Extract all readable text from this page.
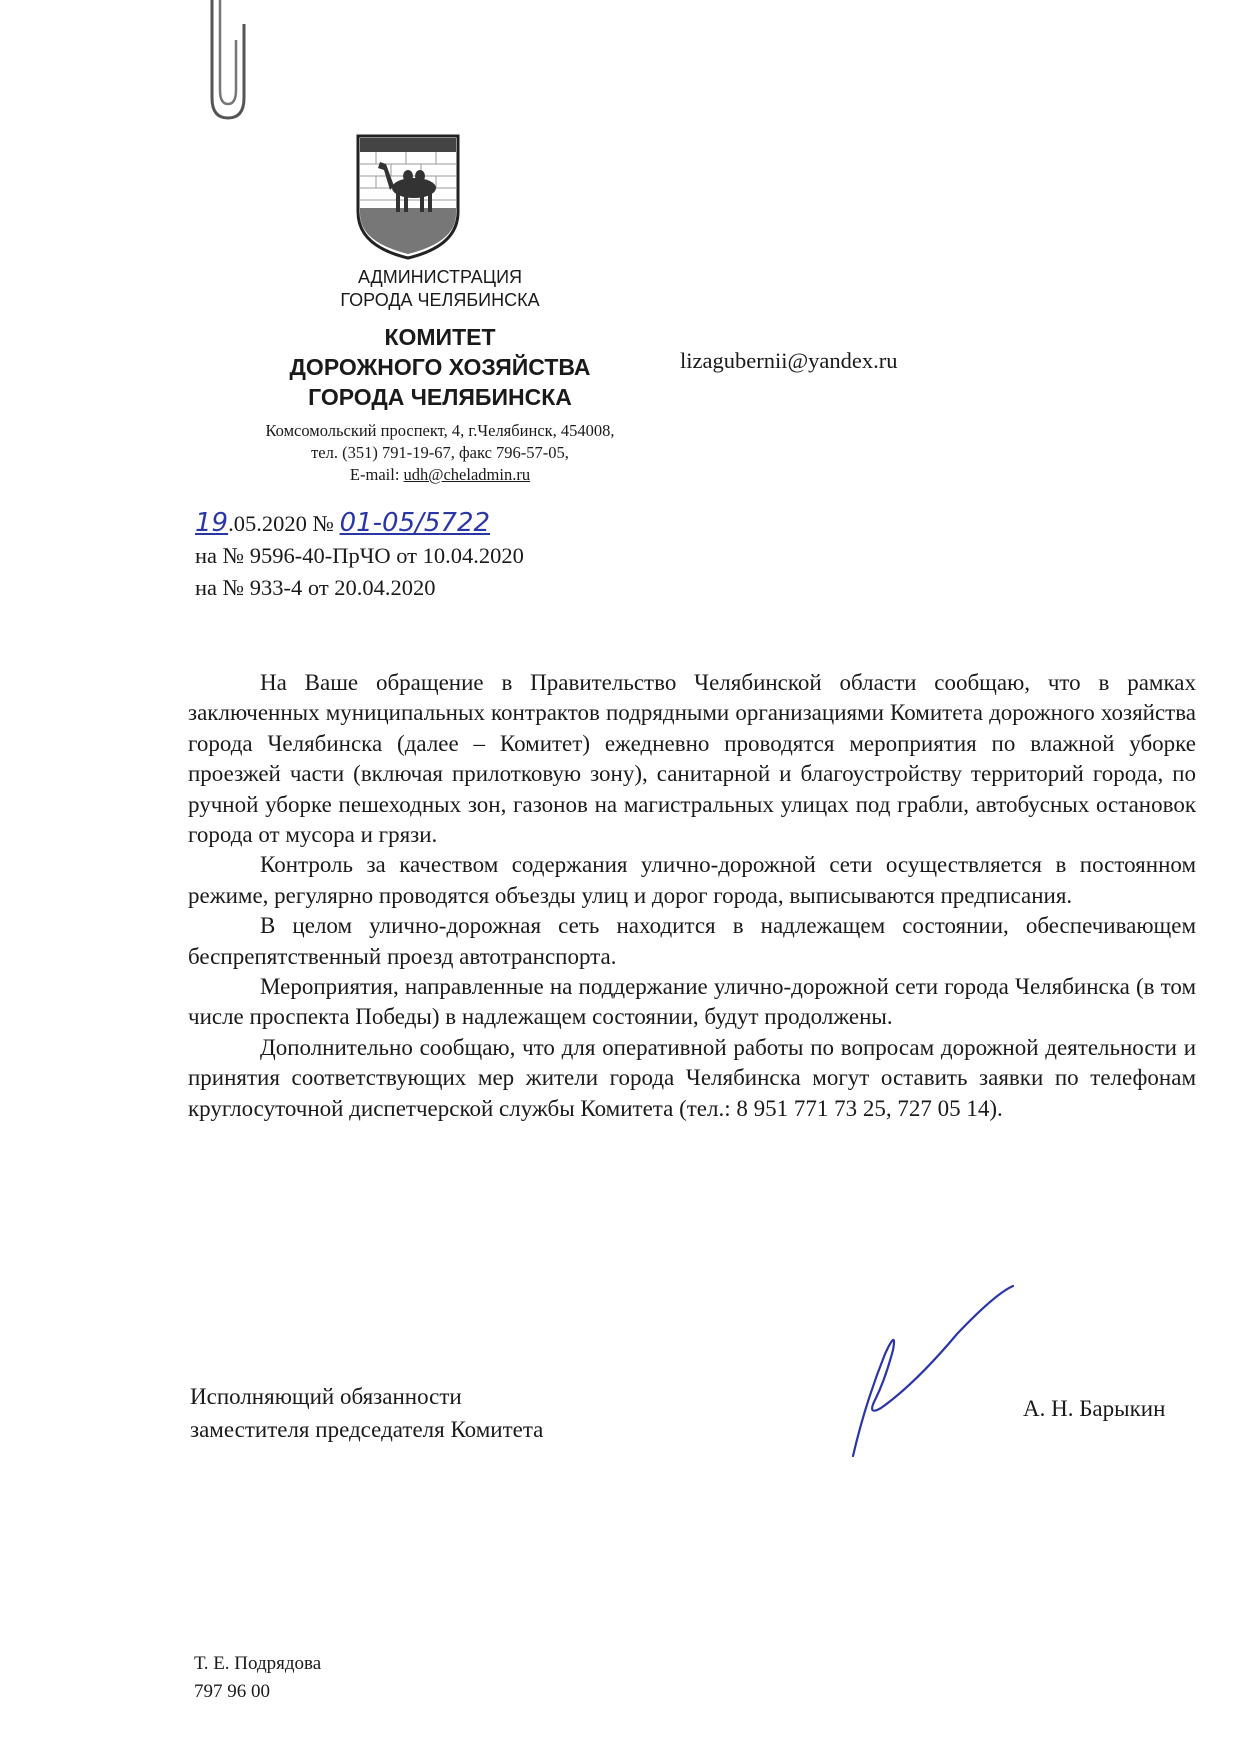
АДМИНИСТРАЦИЯ
ГОРОДА ЧЕЛЯБИНСКА
КОМИТЕТ
ДОРОЖНОГО ХОЗЯЙСТВА
ГОРОДА ЧЕЛЯБИНСКА
Комсомольский проспект, 4, г.Челябинск, 454008,
тел. (351) 791-19-67, факс 796-57-05,
E-mail: udh@cheladmin.ru
lizagubernii@yandex.ru
19.05.2020 № 01-05/5722
на № 9596-40-ПрЧО от 10.04.2020
на № 933-4 от 20.04.2020

На Ваше обращение в Правительство Челябинской области сообщаю, что в рамках заключенных муниципальных контрактов подрядными организациями Комитета дорожного хозяйства города Челябинска (далее – Комитет) ежедневно проводятся мероприятия по влажной уборке проезжей части (включая прилотковую зону), санитарной и благоустройству территорий города, по ручной уборке пешеходных зон, газонов на магистральных улицах под грабли, автобусных остановок города от мусора и грязи.

Контроль за качеством содержания улично-дорожной сети осуществляется в постоянном режиме, регулярно проводятся объезды улиц и дорог города, выписываются предписания.

В целом улично-дорожная сеть находится в надлежащем состоянии, обеспечивающем беспрепятственный проезд автотранспорта.

Мероприятия, направленные на поддержание улично-дорожной сети города Челябинска (в том числе проспекта Победы) в надлежащем состоянии, будут продолжены.

Дополнительно сообщаю, что для оперативной работы по вопросам дорожной деятельности и принятия соответствующих мер жители города Челябинска могут оставить заявки по телефонам круглосуточной диспетчерской службы Комитета (тел.: 8 951 771 73 25, 727 05 14).

Исполняющий обязанности
заместителя председателя Комитета
А. Н. Барыкин
Т. Е. Подрядова
797 96 00
